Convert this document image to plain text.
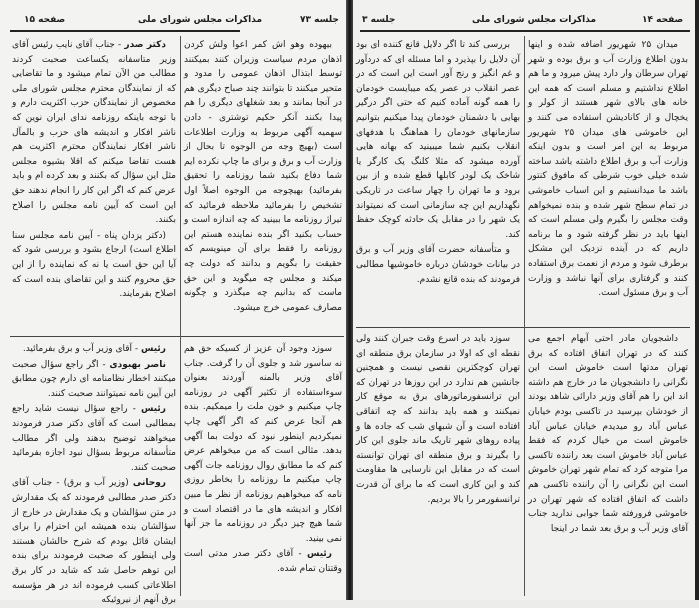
صفحه ۱۵	مذاکرات مجلس شورای ملی	جلسه ۷۳

بیهوده وهو اش کمر اعوا ولش کردن اذهان مردم سیاست وزیران کنند بمیکنند توسط ابتذال اذهان عمومی را مدود و متحیر میکنند تا بتوانند چند صباح دیگری هم در آنجا بمانند و بعد شغلهای دیگری را هم پیدا بکنند آنکر حکیم توشتری - دادن سهمیه آگهی مربوط به وزارت اطلاعات است (بهیچ وجه من الوجوه تا بحال از وزارت آب و برق و برای ما چاپ نکرده ایم شما دفاع بکنید شما روزنامه را تحقیق بفرمائید) بهیچوجه من الوجوه اصلاً اول تشخیص را بفرمائید ملاحظه فرمائید که تیراژ روزنامه ما ببینید که چه اندازه است و حساب بکنید اگر بنده نماینده هستم این روزنامه را فقط برای آن مینویسم که حقیقت را بگویم و بدانند که دولت چه میکند و مجلس چه میگوید و این حق ماست که بدانیم چه میگذرد و چگونه مصارف عمومی خرج میشود.

دکتر صدر - جناب آقای نایب رئیس آقای وزیر متاسفانه یکساعت صحبت کردند مطالب من الآن تمام میشود و ما تقاضایی که از نمایندگان محترم مجلس شورای ملی مخصوص از نمایندگان حزب اکثریت دارم و با توجه باینکه روزنامه ندای ایران نوین که ناشر افکار و اندیشه های حزب و بالمآل ناشر افکار نمایندگان محترم اکثریت هم هست تقاضا میکنم که اقلا بشیوه مجلس مثل این سؤال که بکنند و بعد کرده ام و باید عرض کنم که اگر این کار را انجام ندهند حق این است که آیین نامه مجلس را اصلاح بکنند.

(دکتر یزدان پناه - آیین نامه مجلس سنا اطلاع است) ارجاع بشود و بررسی شود که آیا این حق است یا نه که نماینده را از این حق محروم کنند و این تقاضای بنده است که اصلاح بفرمایند.

رئیس - آقای وزیر آب و برق بفرمائید.

ناصر بهبودی - اگر راجع سؤال صحبت میکنند اخطار نظامنامه ای دارم چون مطابق این آیین نامه نمیتوانند صحبت کنند.

رئیس - راجع سؤال نیست شاید راجع بمطالبی است که آقای دکتر صدر فرمودند میخواهند توضیح بدهند ولی اگر مطالب متأسفانه مربوط بسؤال نبود اجازه بفرمائید صحبت کنند.

روحانی (وزیر آب و برق) - جناب آقای دکتر صدر مطالبی فرمودند که یک مقدارش در متن سؤالشان و یک مقدارش در خارج از سؤالشان بنده همیشه این احترام را برای ایشان قائل بودم که شرح حالشان هستند ولی اینطور که صحبت فرمودند برای بنده این توهم حاصل شد که شاید در کار برق اطلاعاتی کسب فرموده اند در هر مؤسسه برق آنهم از نیروئیکه

سوزد وجود آن عزیز از کسیکه حق هم نه ساسور شد و جلوی آن را گرفت. جناب آقای وزیر بالمنه آوردند بعنوان سوءاستفاده از تکثیر آگهی در روزنامه چاپ میکنیم و خون ملت را میمکیم. بنده هم آنجا عرض کنم که اگر آگهی چاپ نمیکردیم اینطور نبود که دولت بما آگهی بدهد. مثالی است که من میخواهم عرض کنم که ما مطابق روال روزنامه جات آگهی چاپ میکنیم ما روزنامه را بخاطر روزی نامه که میخواهیم روزنامه از نظر ما مبین افکار و اندیشه های ما در اقتصاد است و شما هیچ چیز دیگر در روزنامه ما جز آنها نمی بینید.

رئیس - آقای دکتر صدر مدتی است وقتتان تمام شده.

جلسه ۳	مذاکرات مجلس شورای ملی	صفحه ۱۴

میدان ۲۵ شهریور اضافه شده و اینها بدون اطلاع وزارت آب و برق بوده و شهر تهران سرطان وار دارد پیش میرود و ما هم اطلاع نداشتیم و مسلم است که همه این خانه های بالای شهر هستند از کولر و یخچال و از کانادیشن استفاده می کنند و این خاموشی های میدان ۲۵ شهریور مربوط به این امر است و بدون اینکه وزارت آب و برق اطلاع داشته باشد ساخته شده خیلی خوب شرطی که مافوق کنتور باشد ما میدانستیم و این اسباب خاموشی در تمام سطح شهر شده و بنده نمیخواهم وقت مجلس را بگیرم ولی مسلم است که اینها باید در نظر گرفته شود و ما برنامه داریم که در آینده نزدیک این مشکل برطرف شود و مردم از نعمت برق استفاده کنند و گرفتاری برای آنها نباشد و وزارت آب و برق مسئول است.

بررسی کند تا اگر دلایل قانع کننده ای بود آن دلایل را بپذیرد و اما مسئله ای که دردآور و غم انگیز و رنج آور است این است که در عصر انقلاب در عصر یکه میبایست خودمان را همه گونه آماده کنیم که حتی اگر درگیر بهایی با دشمنان خودمان پیدا میکنیم بتوانیم سازمانهای خودمان را هماهنگ با هدفهای انقلاب بکنیم شما میبینید که بهانه هایی آورده میشود که مثلا کلنگ یک کارگر یا شاخک یک لودر کابلها قطع شده و از بین برود و ما تهران را چهار ساعت در تاریکی نگهداریم این چه سازمانی است که نمیتواند یک شهر را در مقابل یک حادثه کوچک حفظ کند.

و متأسفانه حضرت آقای وزیر آب و برق در بیانات خودشان درباره خاموشیها مطالبی فرمودند که بنده قانع نشدم.

داشجویان مادر احتی آبهام اجمع می کنند که در تهران اتفاق افتاده که برق تهران مدتها است خاموش است این نگرانی را دانشجویان ما در خارج هم داشته اند این را هم آقای وزیر دارائی شاهد بودند از خودشان بپرسید در تاکسی بودم خیابان عباس آباد رو میدیدم خیابان عباس آباد خاموش است من خیال کردم که فقط عباس آباد خاموش است بعد راننده تاکسی مرا متوجه کرد که تمام شهر تهران خاموش است این نگرانی را آن راننده تاکسی هم داشت که اتفاق افتاده که شهر تهران در خاموشی فرورفته شما جوابی ندارید جناب آقای وزیر آب و برق بعد شما در اینجا

سوزد باید در اسرع وقت جبران کنند ولی نقطه ای که اولا در سازمان برق منطقه ای تهران کوچکترین نقصی نیست و همچنین جانشین هم ندارد در این روزها در تهران که این ترانسفورماتورهای برق به موقع کار نمیکنند و همه باید بدانند که چه اتفاقی افتاده است و آن شبهای شب که جاده ها و پیاده روهای شهر تاریک ماند جلوی این کار را بگیرند و برق منطقه ای تهران توانسته است که در مقابل این نارسایی ها مقاومت کند و این کاری است که ما برای آن قدرت ترانسفورمر را بالا بردیم.
